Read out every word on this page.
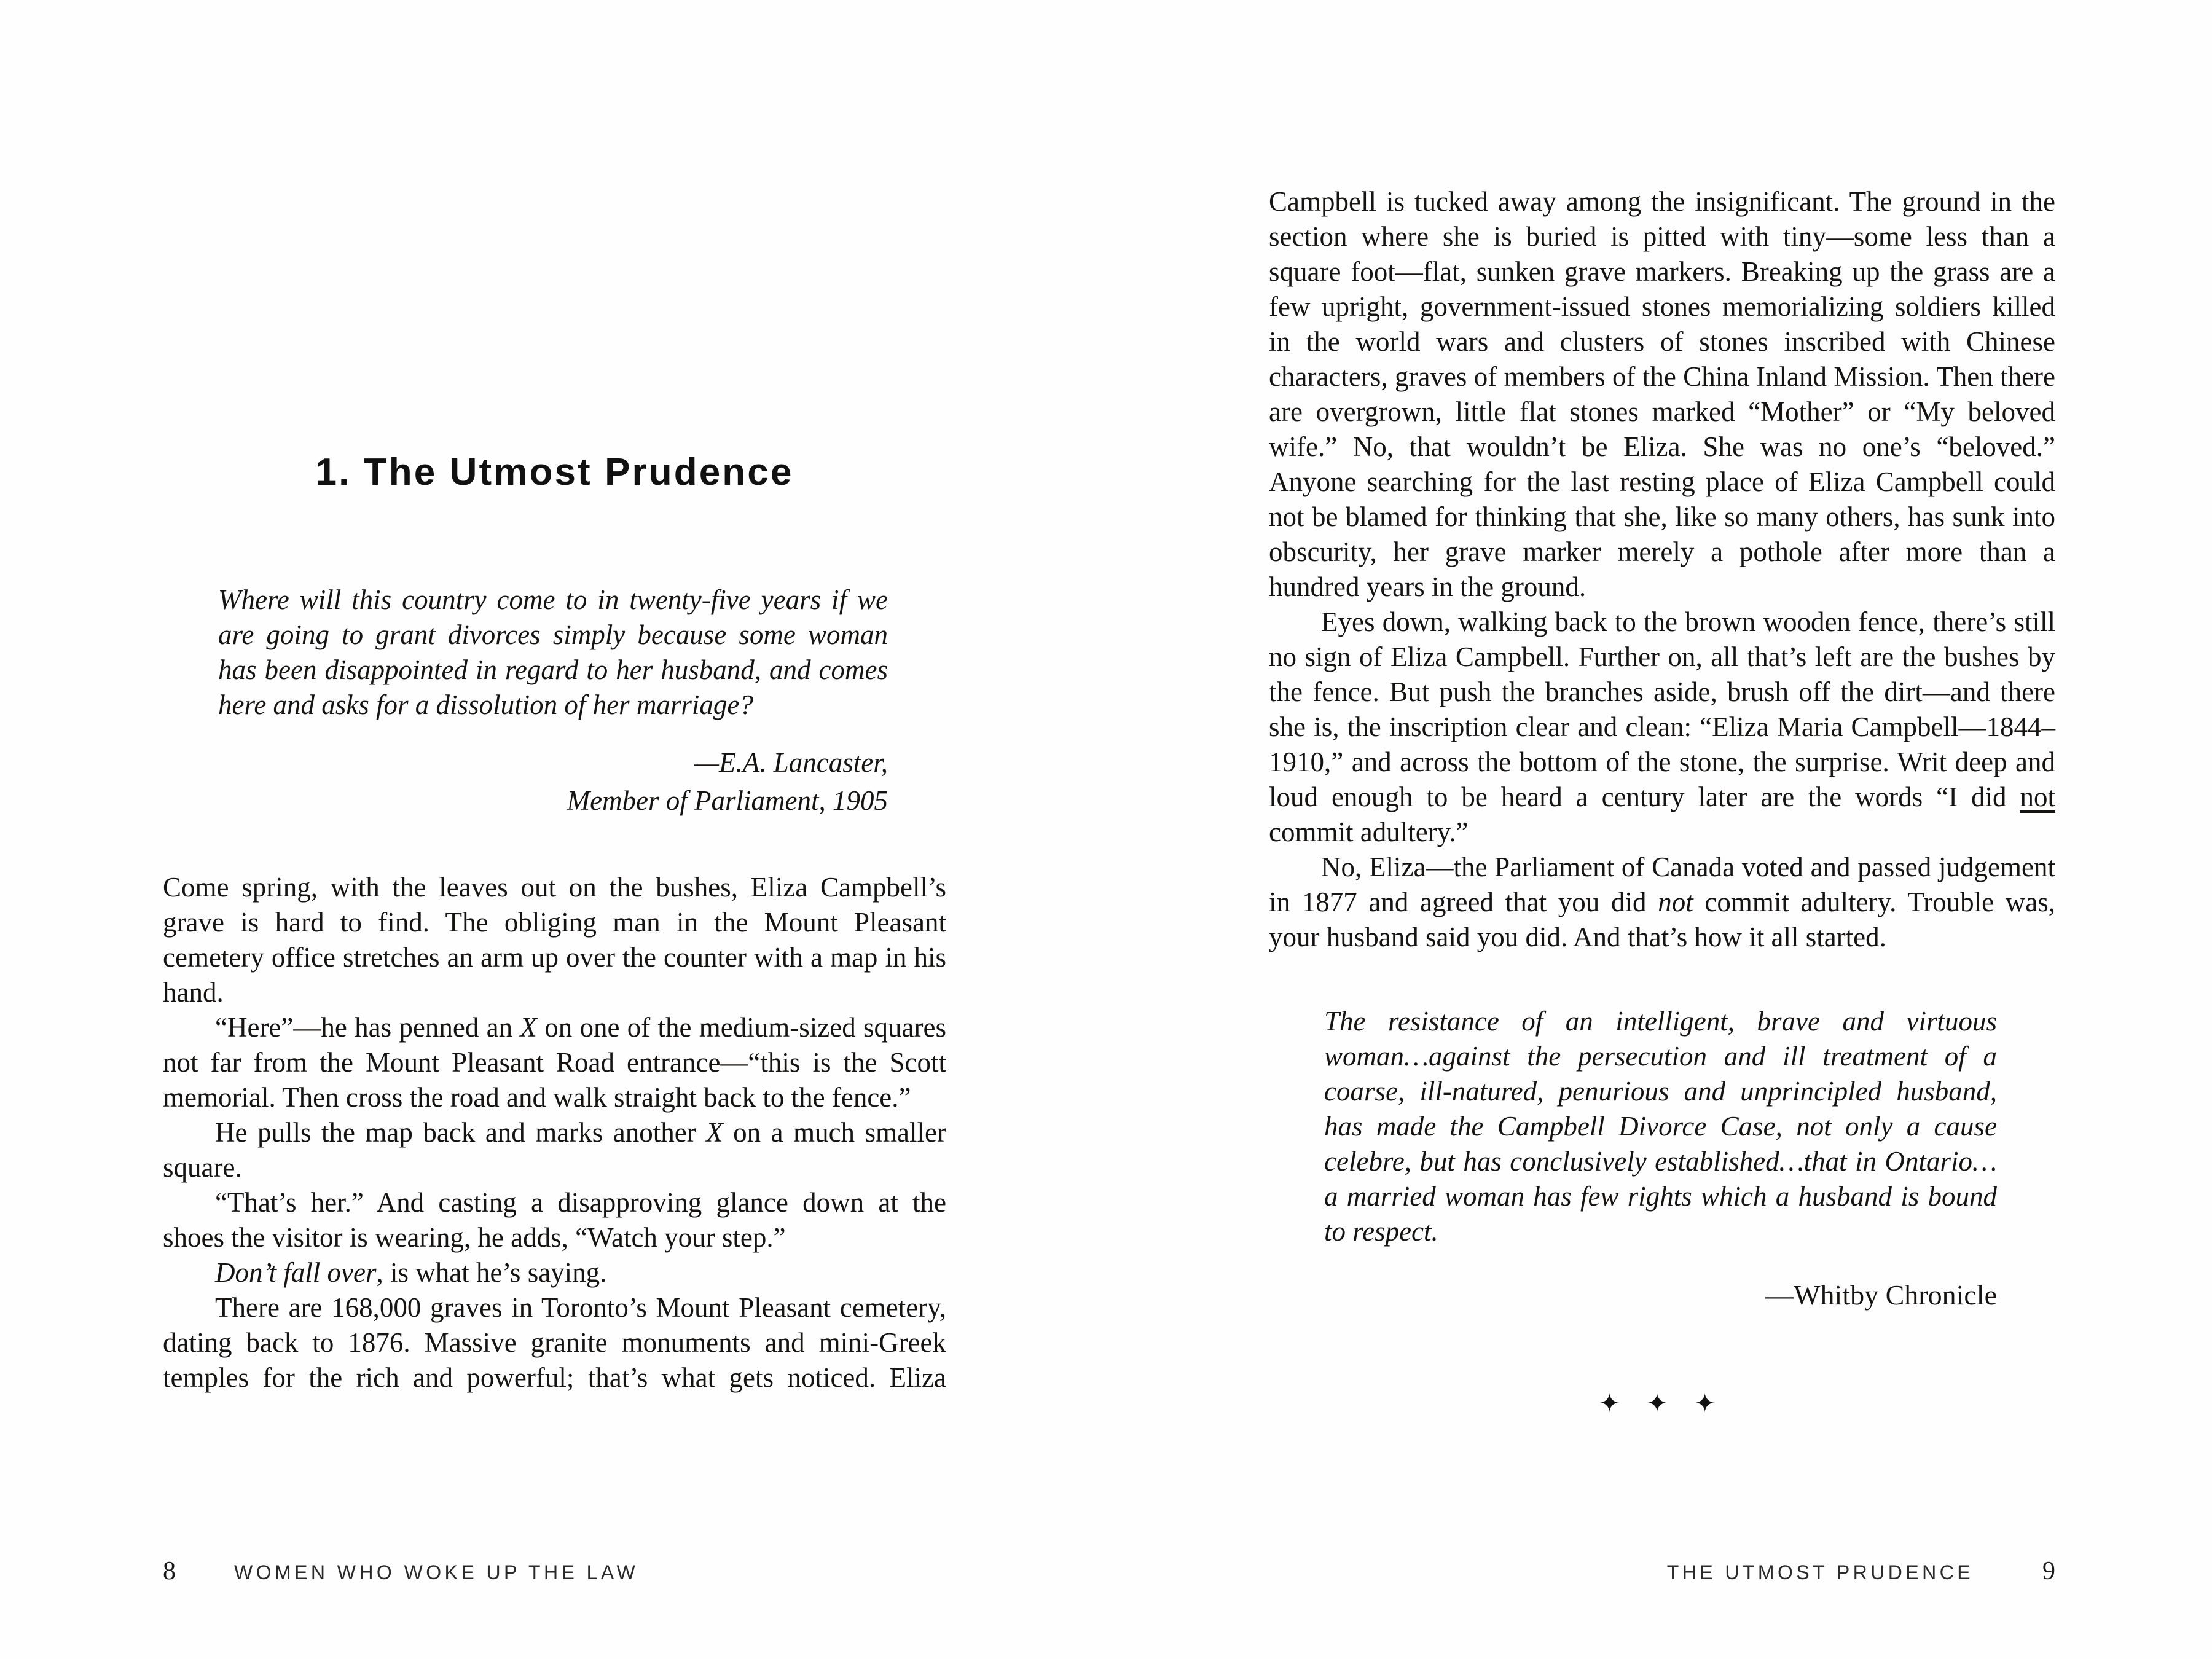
1. The Utmost Prudence
Where will this country come to in twenty-five years if we are going to grant divorces simply because some woman has been disappointed in regard to her husband, and comes here and asks for a dissolution of her marriage?
—E.A. Lancaster,
Member of Parliament, 1905

Come spring, with the leaves out on the bushes, Eliza Campbell’s grave is hard to find. The obliging man in the Mount Pleasant cemetery office stretches an arm up over the counter with a map in his hand.

“Here”—he has penned an X on one of the medium-sized squares not far from the Mount Pleasant Road entrance—“this is the Scott memorial. Then cross the road and walk straight back to the fence.”

He pulls the map back and marks another X on a much smaller square.

“That’s her.” And casting a disapproving glance down at the shoes the visitor is wearing, he adds, “Watch your step.”

Don’t fall over, is what he’s saying.

There are 168,000 graves in Toronto’s Mount Pleasant cemetery, dating back to 1876. Massive granite monuments and mini-Greek temples for the rich and powerful; that’s what gets noticed. Eliza

8	WOMEN WHO WOKE UP THE LAW

Campbell is tucked away among the insignificant. The ground in the section where she is buried is pitted with tiny—some less than a square foot—flat, sunken grave markers. Breaking up the grass are a few upright, government-issued stones memorializing soldiers killed in the world wars and clusters of stones inscribed with Chinese characters, graves of members of the China Inland Mission. Then there are overgrown, little flat stones marked “Mother” or “My beloved wife.” No, that wouldn’t be Eliza. She was no one’s “beloved.” Anyone searching for the last resting place of Eliza Campbell could not be blamed for thinking that she, like so many others, has sunk into obscurity, her grave marker merely a pothole after more than a hundred years in the ground.

Eyes down, walking back to the brown wooden fence, there’s still no sign of Eliza Campbell. Further on, all that’s left are the bushes by the fence. But push the branches aside, brush off the dirt—and there she is, the inscription clear and clean: “Eliza Maria Campbell—1844–1910,” and across the bottom of the stone, the surprise. Writ deep and loud enough to be heard a century later are the words “I did not commit adultery.”

No, Eliza—the Parliament of Canada voted and passed judgement in 1877 and agreed that you did not commit adultery. Trouble was, your husband said you did. And that’s how it all started.

The resistance of an intelligent, brave and virtuous woman…against the persecution and ill treatment of a coarse, ill-natured, penurious and unprincipled husband, has made the Campbell Divorce Case, not only a cause celebre, but has conclusively established…that in Ontario…a married woman has few rights which a husband is bound to respect.
—Whitby Chronicle
✦ ✦ ✦
THE UTMOST PRUDENCE	9
